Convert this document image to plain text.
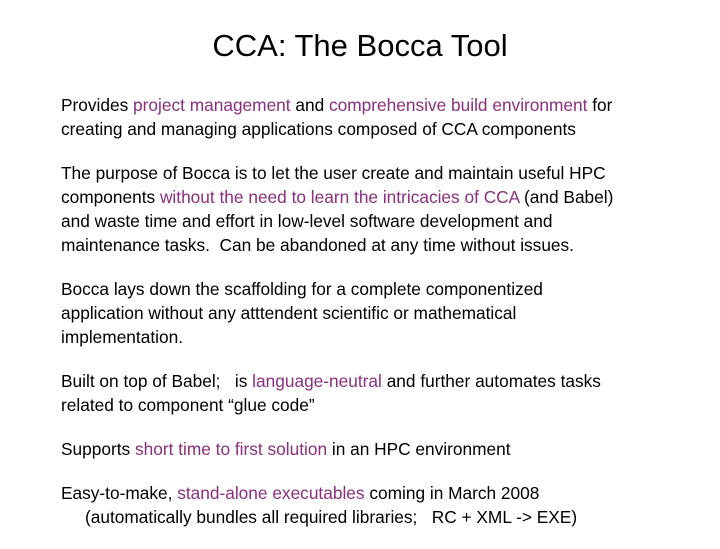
CCA: The Bocca Tool
Provides project management and comprehensive build environment for
creating and managing applications composed of CCA components
The purpose of Bocca is to let the user create and maintain useful HPC
components without the need to learn the intricacies of CCA (and Babel)
and waste time and effort in low-level software development and
maintenance tasks.  Can be abandoned at any time without issues.
Bocca lays down the scaffolding for a complete componentized
application without any atttendent scientific or mathematical
implementation.
Built on top of Babel;   is language-neutral and further automates tasks
related to component “glue code”
Supports short time to first solution in an HPC environment
Easy-to-make, stand-alone executables coming in March 2008
(automatically bundles all required libraries;   RC + XML -> EXE)
